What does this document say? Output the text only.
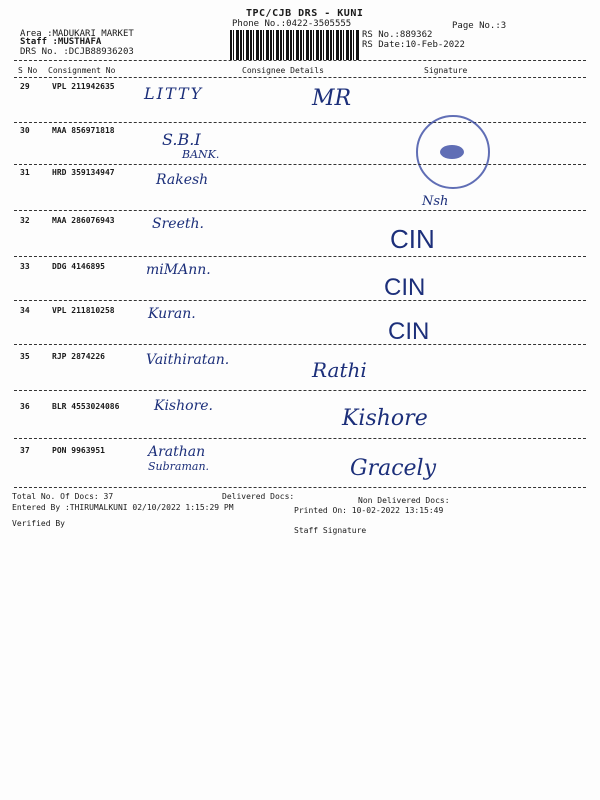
TPC/CJB DRS - KUNI
Phone No.:0422-3505555	Page No.:3
Area :MADUKARI MARKET
Staff :MUSTHAFA
DRS No. :DCJB88936203
RS No.:889362
RS Date:10-Feb-2022
S No Consignment No	Consignee Details	Signature
29	VPL 211942635 LITTY	MR
30	MAA 856971818	S.B.I
BANK.
31	HRD 359134947	Rakesh
Nsh
32	MAA 286076943	Sreeth.	CIN
33	DDG 4146895	miMAnn.
CIN
34	VPL 211810258 Kuran.
CIN
35	RJP 2874226	Vaithiratan.	Rathi
36	BLR 4553024086 Kishore.	Kishore
37	PON 9963951	Arathan
Subraman.	Gracely
Total No. Of Docs: 37	Delivered Docs:	Non Delivered Docs:
Entered By :THIRUMALKUNI 02/10/2022 1:15:29 PM	Printed On: 10-02-2022 13:15:49
Verified By
Staff Signature
